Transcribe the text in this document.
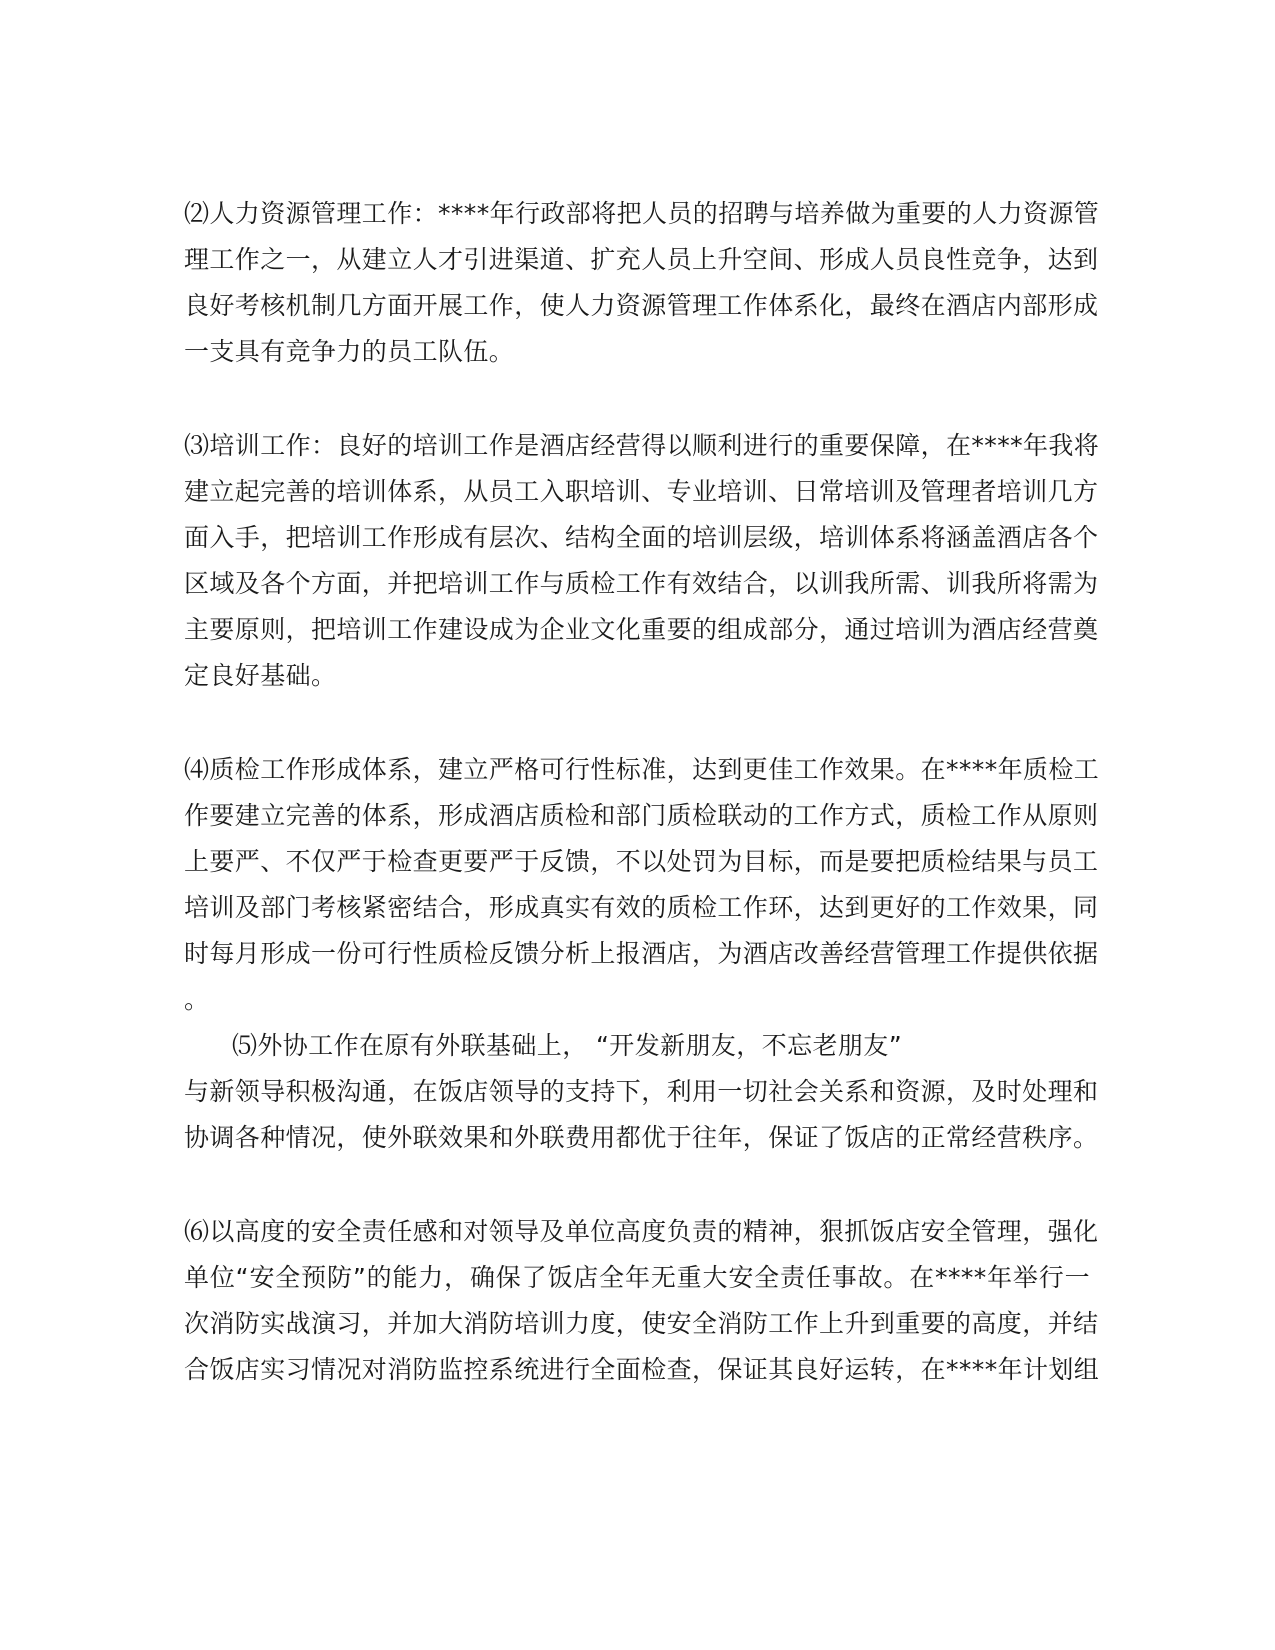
⑵人力资源管理工作：****年行政部将把人员的招聘与培养做为重要的人力资源管
理工作之一，从建立人才引进渠道、扩充人员上升空间、形成人员良性竞争，达到
良好考核机制几方面开展工作，使人力资源管理工作体系化，最终在酒店内部形成
一支具有竞争力的员工队伍。
⑶培训工作：良好的培训工作是酒店经营得以顺利进行的重要保障，在****年我将
建立起完善的培训体系，从员工入职培训、专业培训、日常培训及管理者培训几方
面入手，把培训工作形成有层次、结构全面的培训层级，培训体系将涵盖酒店各个
区域及各个方面，并把培训工作与质检工作有效结合，以训我所需、训我所将需为
主要原则，把培训工作建设成为企业文化重要的组成部分，通过培训为酒店经营奠
定良好基础。
⑷质检工作形成体系，建立严格可行性标准，达到更佳工作效果。在****年质检工
作要建立完善的体系，形成酒店质检和部门质检联动的工作方式，质检工作从原则
上要严、不仅严于检查更要严于反馈，不以处罚为目标，而是要把质检结果与员工
培训及部门考核紧密结合，形成真实有效的质检工作环，达到更好的工作效果，同
时每月形成一份可行性质检反馈分析上报酒店，为酒店改善经营管理工作提供依据
。
⑸外协工作在原有外联基础上， “开发新朋友，不忘老朋友”
与新领导积极沟通，在饭店领导的支持下，利用一切社会关系和资源，及时处理和
协调各种情况，使外联效果和外联费用都优于往年，保证了饭店的正常经营秩序。
⑹以高度的安全责任感和对领导及单位高度负责的精神，狠抓饭店安全管理，强化
单位“安全预防”的能力，确保了饭店全年无重大安全责任事故。在****年举行一
次消防实战演习，并加大消防培训力度，使安全消防工作上升到重要的高度，并结
合饭店实习情况对消防监控系统进行全面检查，保证其良好运转，在****年计划组
